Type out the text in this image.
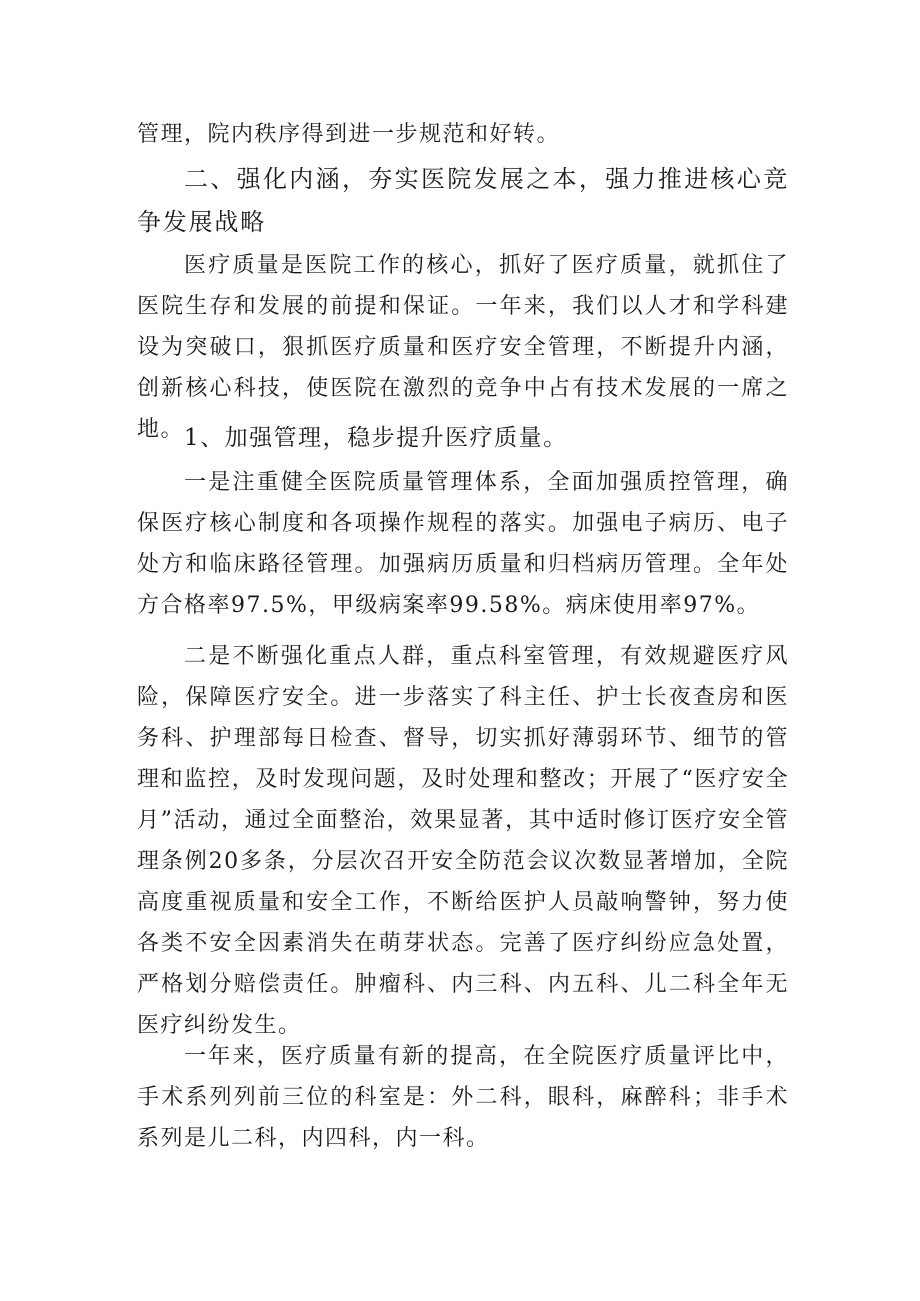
管理，院内秩序得到进一步规范和好转。

二、强化内涵，夯实医院发展之本，强力推进核心竞争发展战略

医疗质量是医院工作的核心，抓好了医疗质量，就抓住了医院生存和发展的前提和保证。一年来，我们以人才和学科建设为突破口，狠抓医疗质量和医疗安全管理，不断提升内涵，创新核心科技，使医院在激烈的竞争中占有技术发展的一席之地。 1、加强管理，稳步提升医疗质量。

一是注重健全医院质量管理体系，全面加强质控管理，确保医疗核心制度和各项操作规程的落实。加强电子病历、电子处方和临床路径管理。加强病历质量和归档病历管理。全年处方合格率97.5%，甲级病案率99.58%。病床使用率97%。

二是不断强化重点人群，重点科室管理，有效规避医疗风险，保障医疗安全。进一步落实了科主任、护士长夜查房和医务科、护理部每日检查、督导，切实抓好薄弱环节、细节的管理和监控，及时发现问题，及时处理和整改；开展了“医疗安全月”活动，通过全面整治，效果显著，其中适时修订医疗安全管理条例20多条，分层次召开安全防范会议次数显著增加，全院高度重视质量和安全工作，不断给医护人员敲响警钟，努力使各类不安全因素消失在萌芽状态。完善了医疗纠纷应急处置，严格划分赔偿责任。肿瘤科、内三科、内五科、儿二科全年无医疗纠纷发生。

一年来，医疗质量有新的提高，在全院医疗质量评比中，手术系列列前三位的科室是：外二科，眼科，麻醉科；非手术系列是儿二科，内四科，内一科。
